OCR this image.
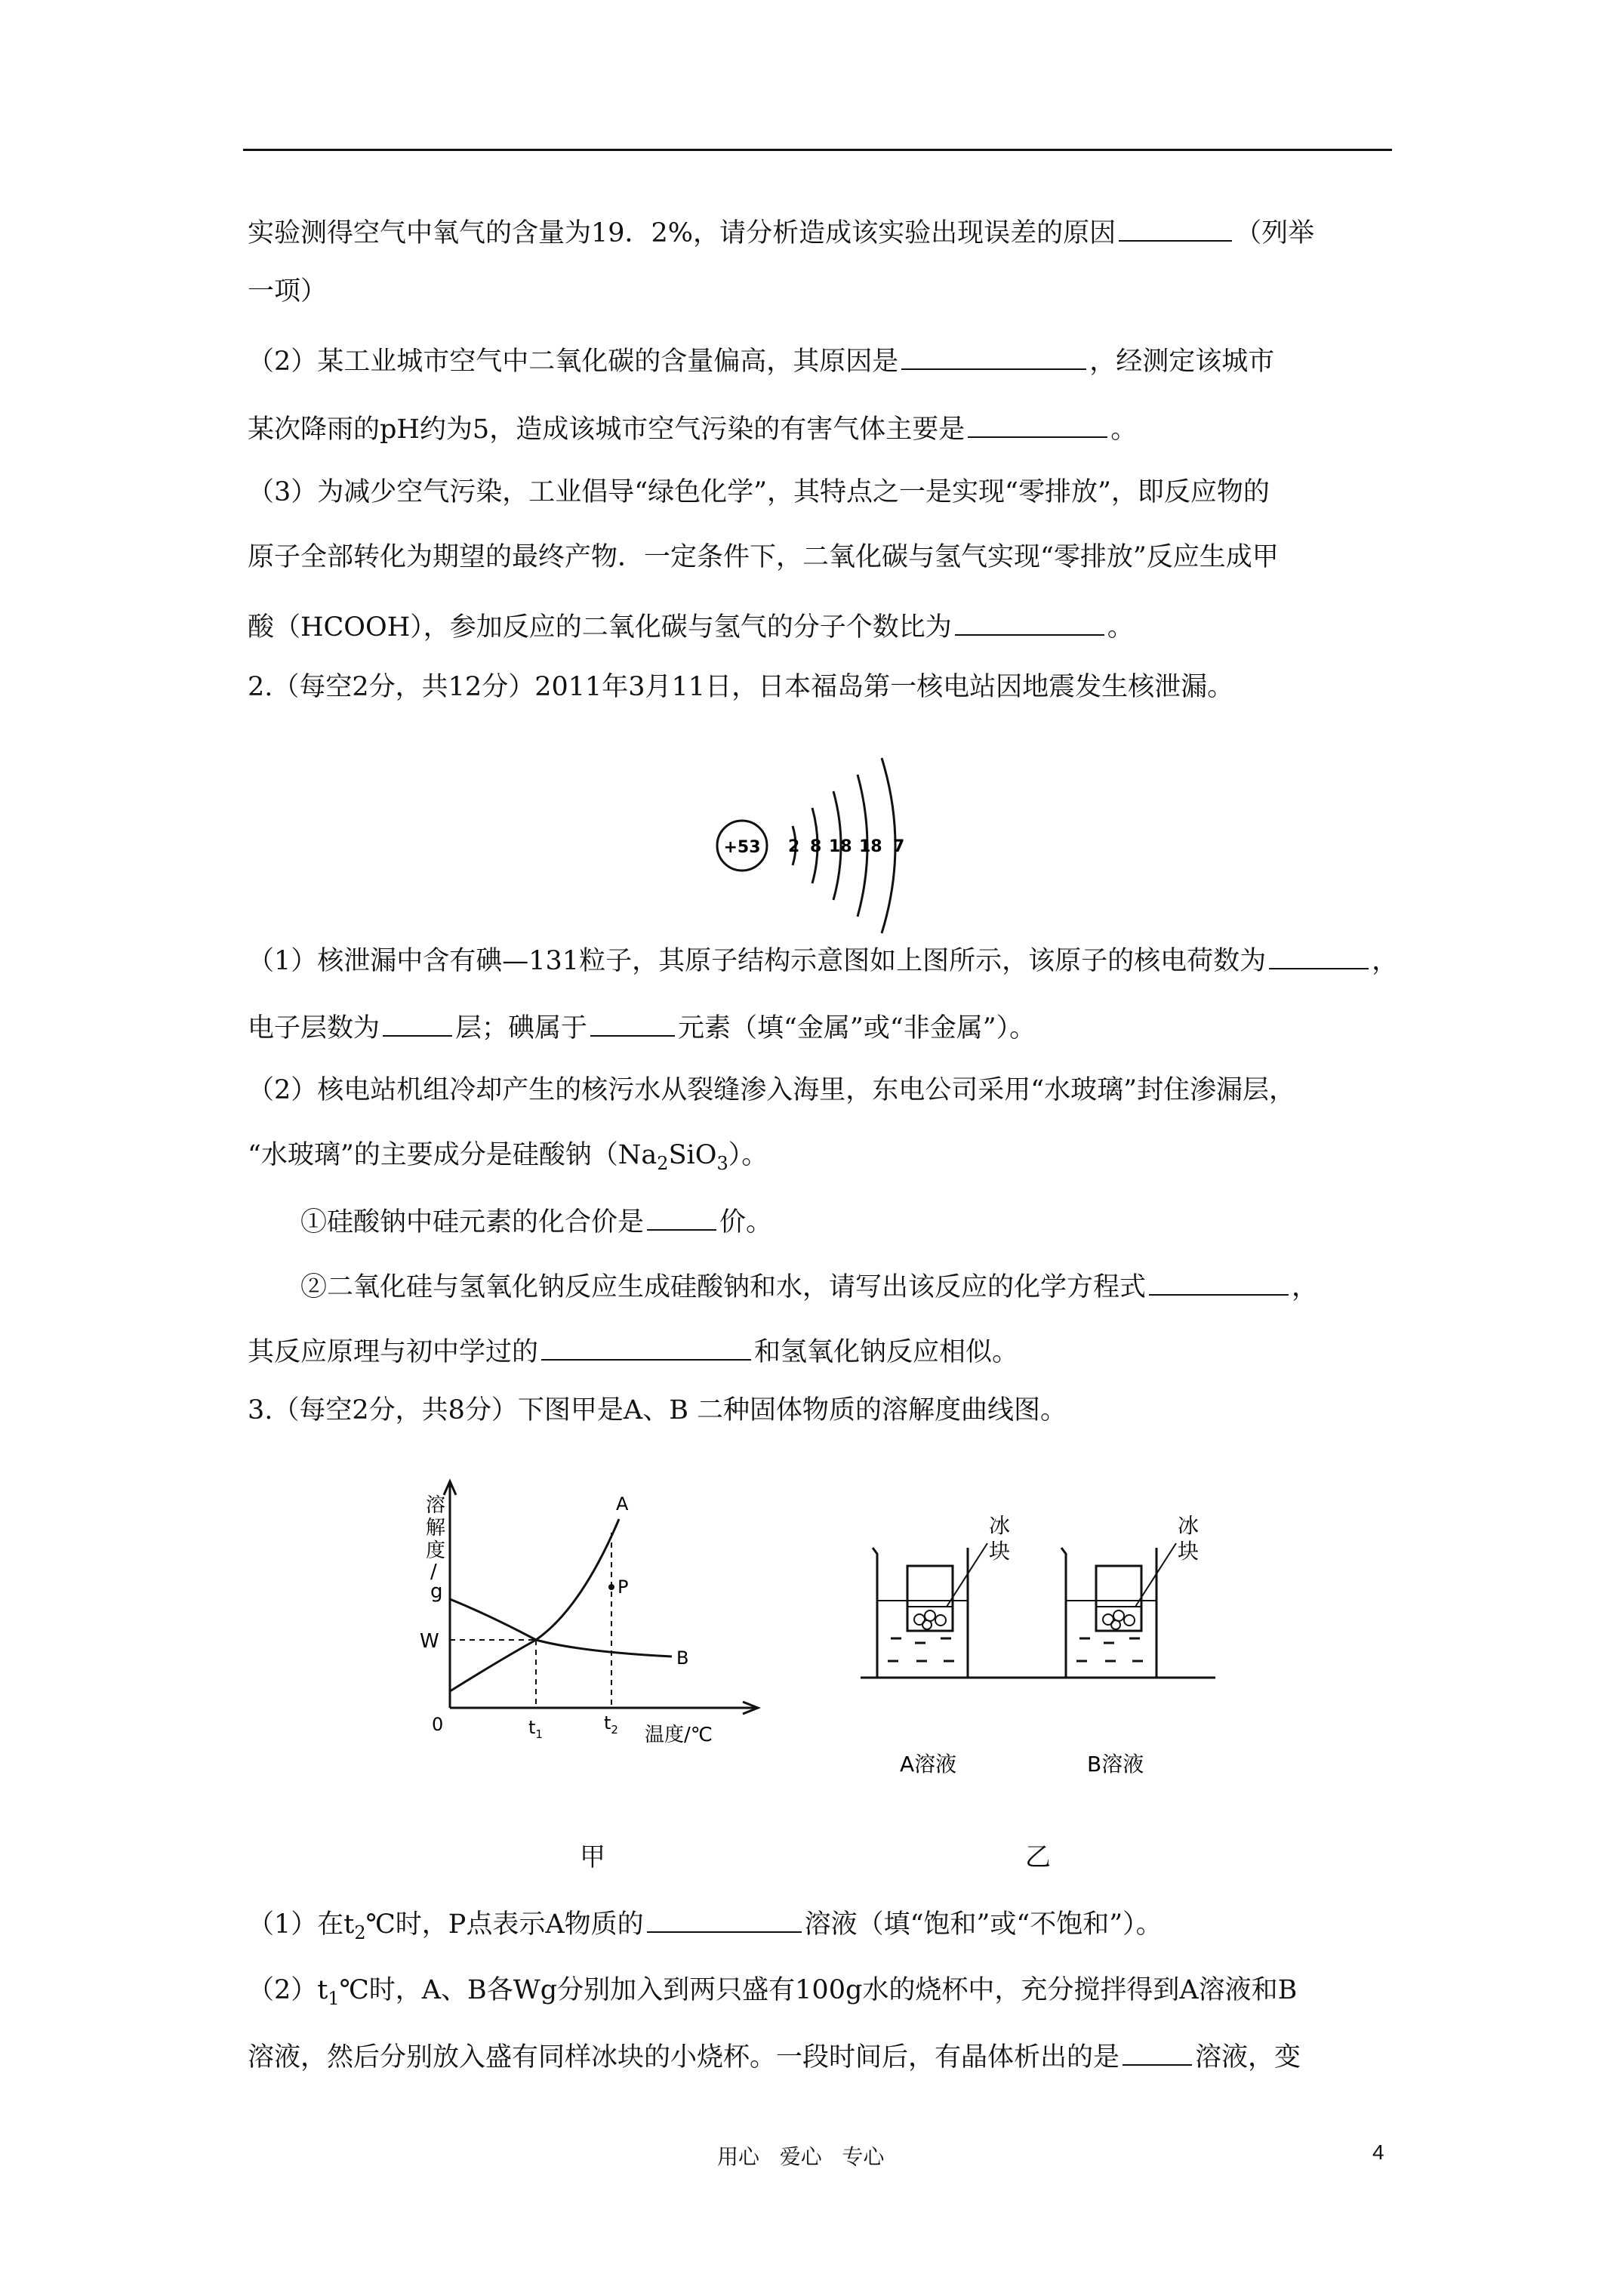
实验测得空气中氧气的含量为19．2%，请分析造成该实验出现误差的原因	（列举
一项）
（2）某工业城市空气中二氧化碳的含量偏高，其原因是	，经测定该城市
某次降雨的pH约为5，造成该城市空气污染的有害气体主要是	。
（3）为减少空气污染，工业倡导“绿色化学”，其特点之一是实现“零排放”，即反应物的
原子全部转化为期望的最终产物．一定条件下，二氧化碳与氢气实现“零排放”反应生成甲
酸（HCOOH），参加反应的二氧化碳与氢气的分子个数比为	。
2.（每空2分，共12分）2011年3月11日，日本福岛第一核电站因地震发生核泄漏。
+53 2 8 18 18 7
（1）核泄漏中含有碘—131粒子，其原子结构示意图如上图所示，该原子的核电荷数为	，
电子层数为	层；碘属于	元素（填“金属”或“非金属”）。
（2）核电站机组冷却产生的核污水从裂缝渗入海里，东电公司采用“水玻璃”封住渗漏层，
“水玻璃”的主要成分是硅酸钠$(Na_2SiO_3)$。
①硅酸钠中硅元素的化合价是	价。
②二氧化硅与氢氧化钠反应生成硅酸钠和水，请写出该反应的化学方程式	，
其反应原理与初中学过的	和氢氧化钠反应相似。
3.（每空2分，共8分）下图甲是A、B 二种固体物质的溶解度曲线图。
溶
解
度
/
g
W
P
A
B
0	$t_1$
$t_2$ 温度/℃
冰
块
冰
块
A溶液	B溶液
甲	乙
（1）在$t_2℃$时，P点表示A物质的	溶液（填“饱和”或“不饱和”）。
$(2)t_1℃$时，A、B各Wg分别加入到两只盛有100g水的烧杯中，充分搅拌得到A溶液和B
溶液，然后分别放入盛有同样冰块的小烧杯。一段时间后，有晶体析出的是	溶液，变
用心   爱心   专心	4
